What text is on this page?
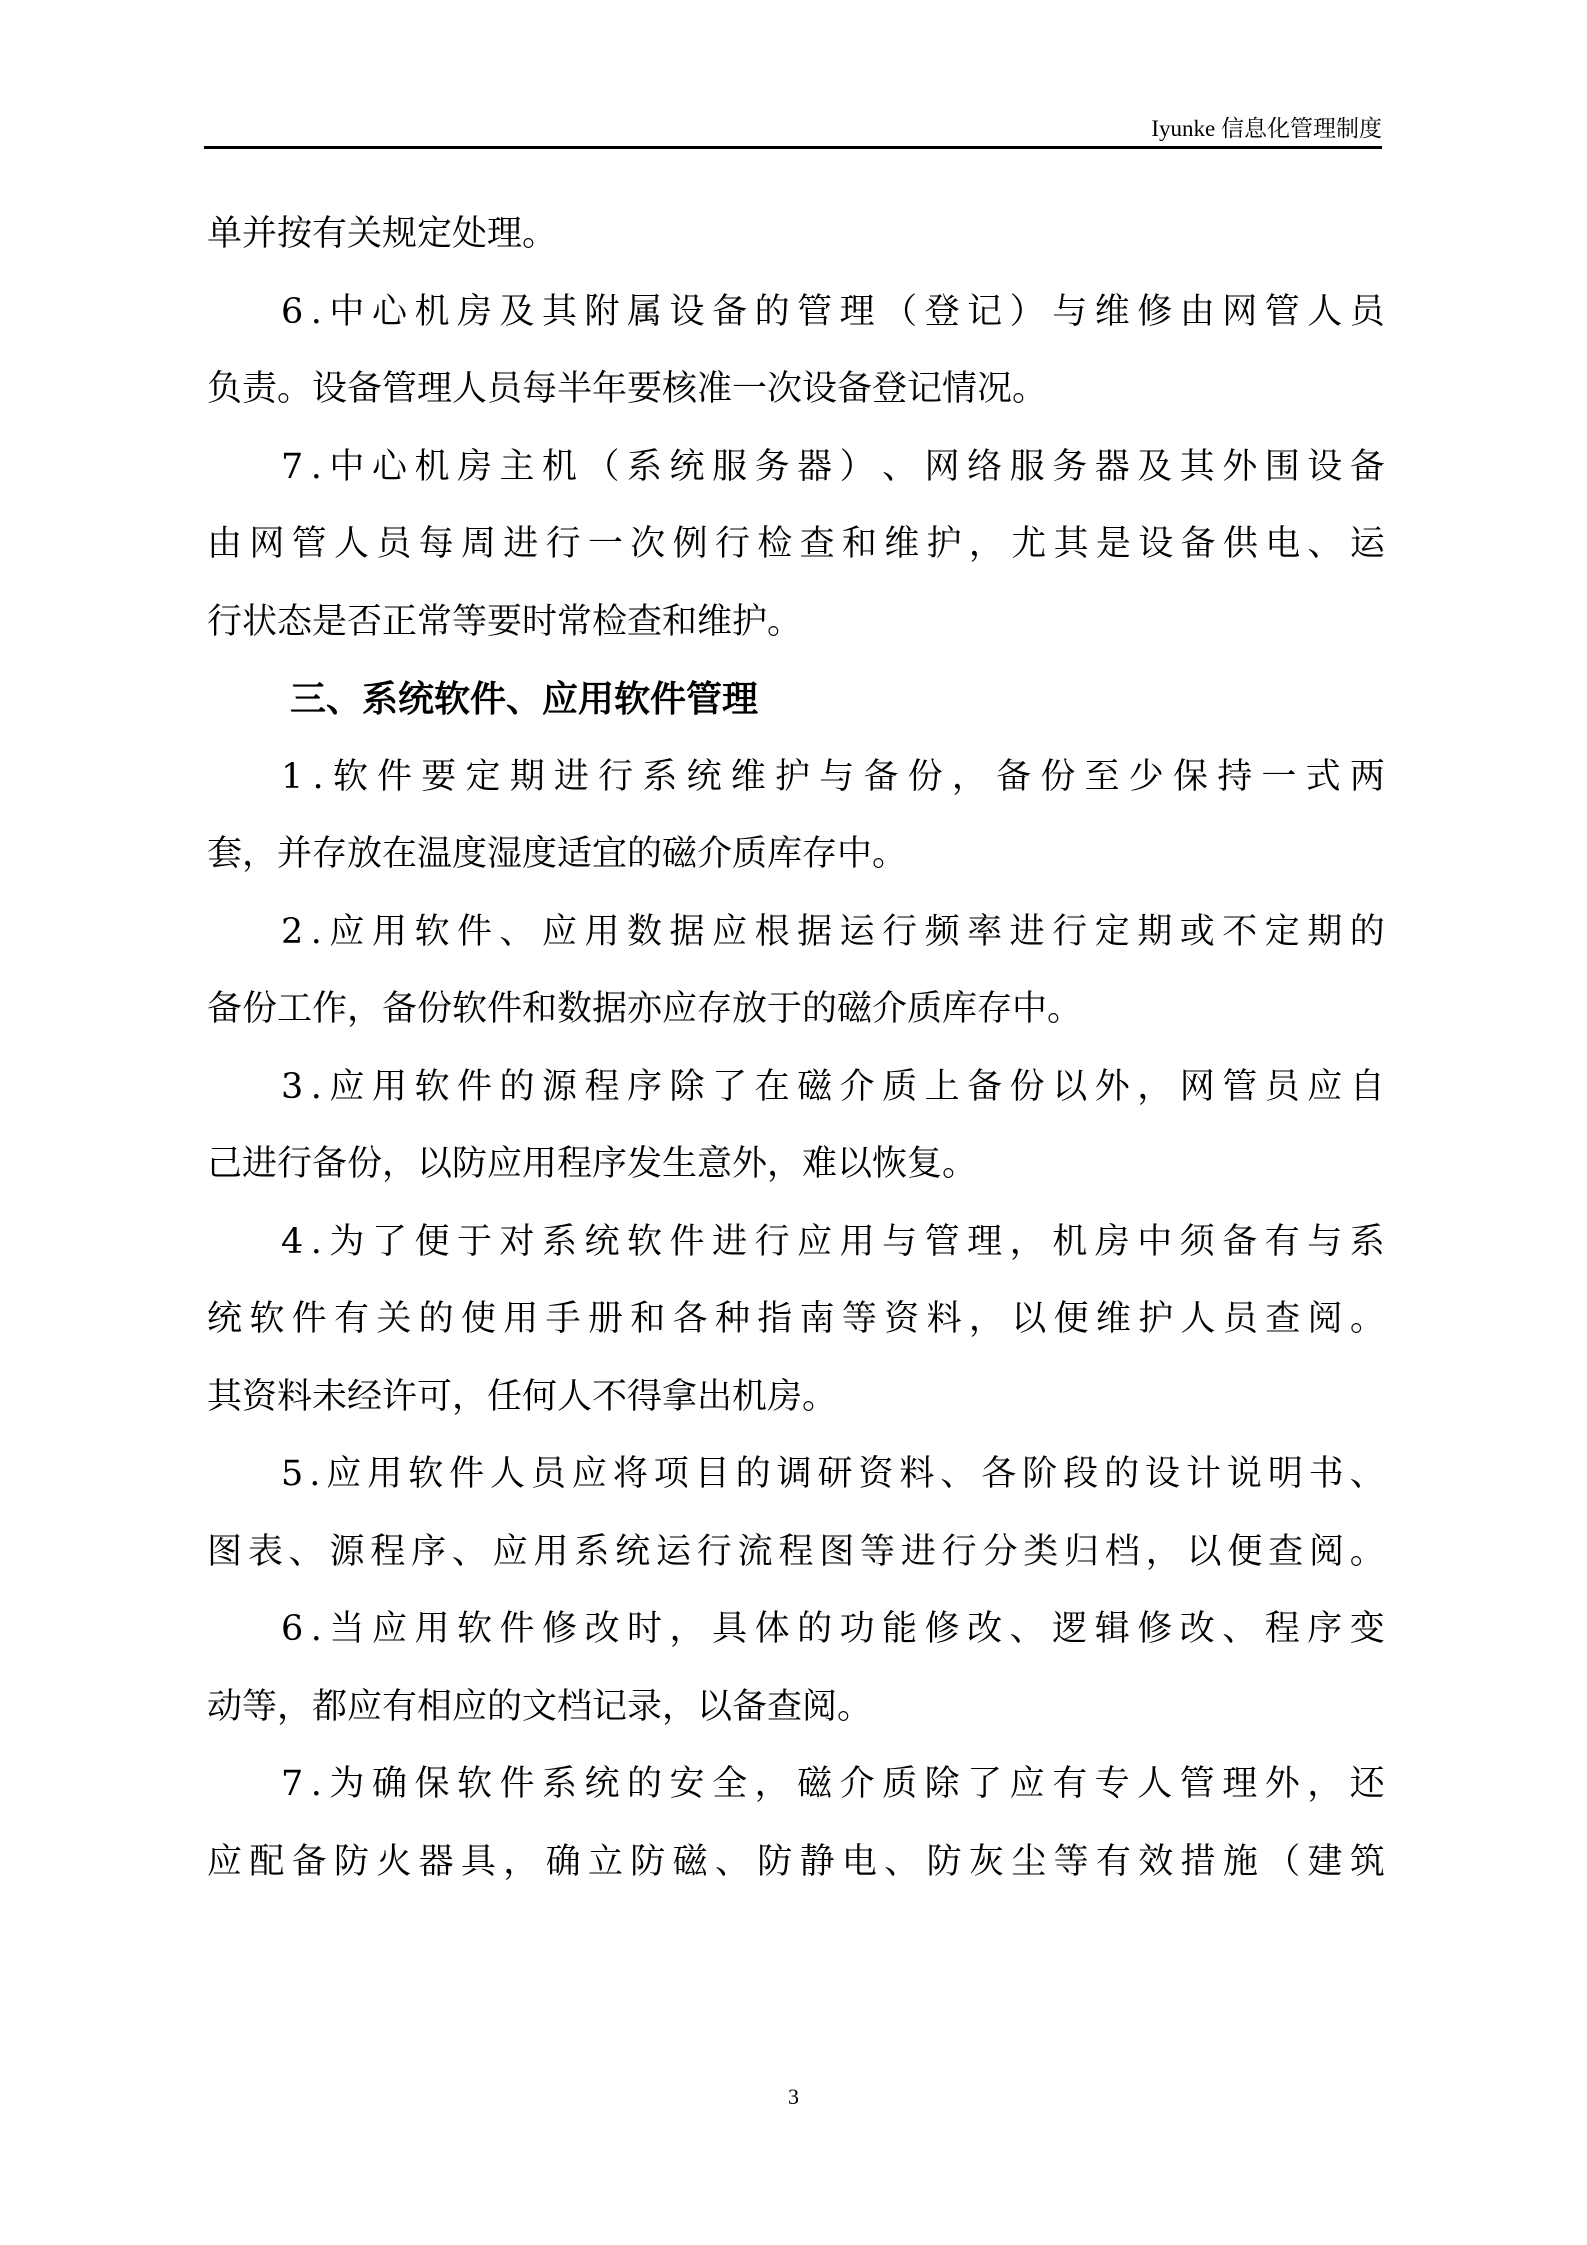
Iyunke 信息化管理制度
单并按有关规定处理。
6 . 中 心 机 房 及 其 附 属 设 备 的 管 理 （ 登 记 ） 与 维 修 由 网 管 人 员
负责。设备管理人员每半年要核准一次设备登记情况。
7 . 中 心 机 房 主 机 （ 系 统 服 务 器 ） 、 网 络 服 务 器 及 其 外 围 设 备
由 网 管 人 员 每 周 进 行 一 次 例 行 检 查 和 维 护 ， 尤 其 是 设 备 供 电 、 运
行状态是否正常等要时常检查和维护。
三、系统软件、应用软件管理
1 . 软 件 要 定 期 进 行 系 统 维 护 与 备 份 ， 备 份 至 少 保 持 一 式 两
套，并存放在温度湿度适宜的磁介质库存中。
2 . 应 用 软 件 、 应 用 数 据 应 根 据 运 行 频 率 进 行 定 期 或 不 定 期 的
备份工作，备份软件和数据亦应存放于的磁介质库存中。
3 . 应 用 软 件 的 源 程 序 除 了 在 磁 介 质 上 备 份 以 外 ， 网 管 员 应 自
己进行备份，以防应用程序发生意外，难以恢复。
4 . 为 了 便 于 对 系 统 软 件 进 行 应 用 与 管 理 ， 机 房 中 须 备 有 与 系
统 软 件 有 关 的 使 用 手 册 和 各 种 指 南 等 资 料 ， 以 便 维 护 人 员 查 阅 。
其资料未经许可，任何人不得拿出机房。
5 . 应 用 软 件 人 员 应 将 项 目 的 调 研 资 料 、 各 阶 段 的 设 计 说 明 书 、
图 表 、 源 程 序 、 应 用 系 统 运 行 流 程 图 等 进 行 分 类 归 档 ， 以 便 查 阅 。
6 . 当 应 用 软 件 修 改 时 ， 具 体 的 功 能 修 改 、 逻 辑 修 改 、 程 序 变
动等，都应有相应的文档记录，以备查阅。
7 . 为 确 保 软 件 系 统 的 安 全 ， 磁 介 质 除 了 应 有 专 人 管 理 外 ， 还
应 配 备 防 火 器 具 ， 确 立 防 磁 、 防 静 电 、 防 灰 尘 等 有 效 措 施 （ 建 筑
3
